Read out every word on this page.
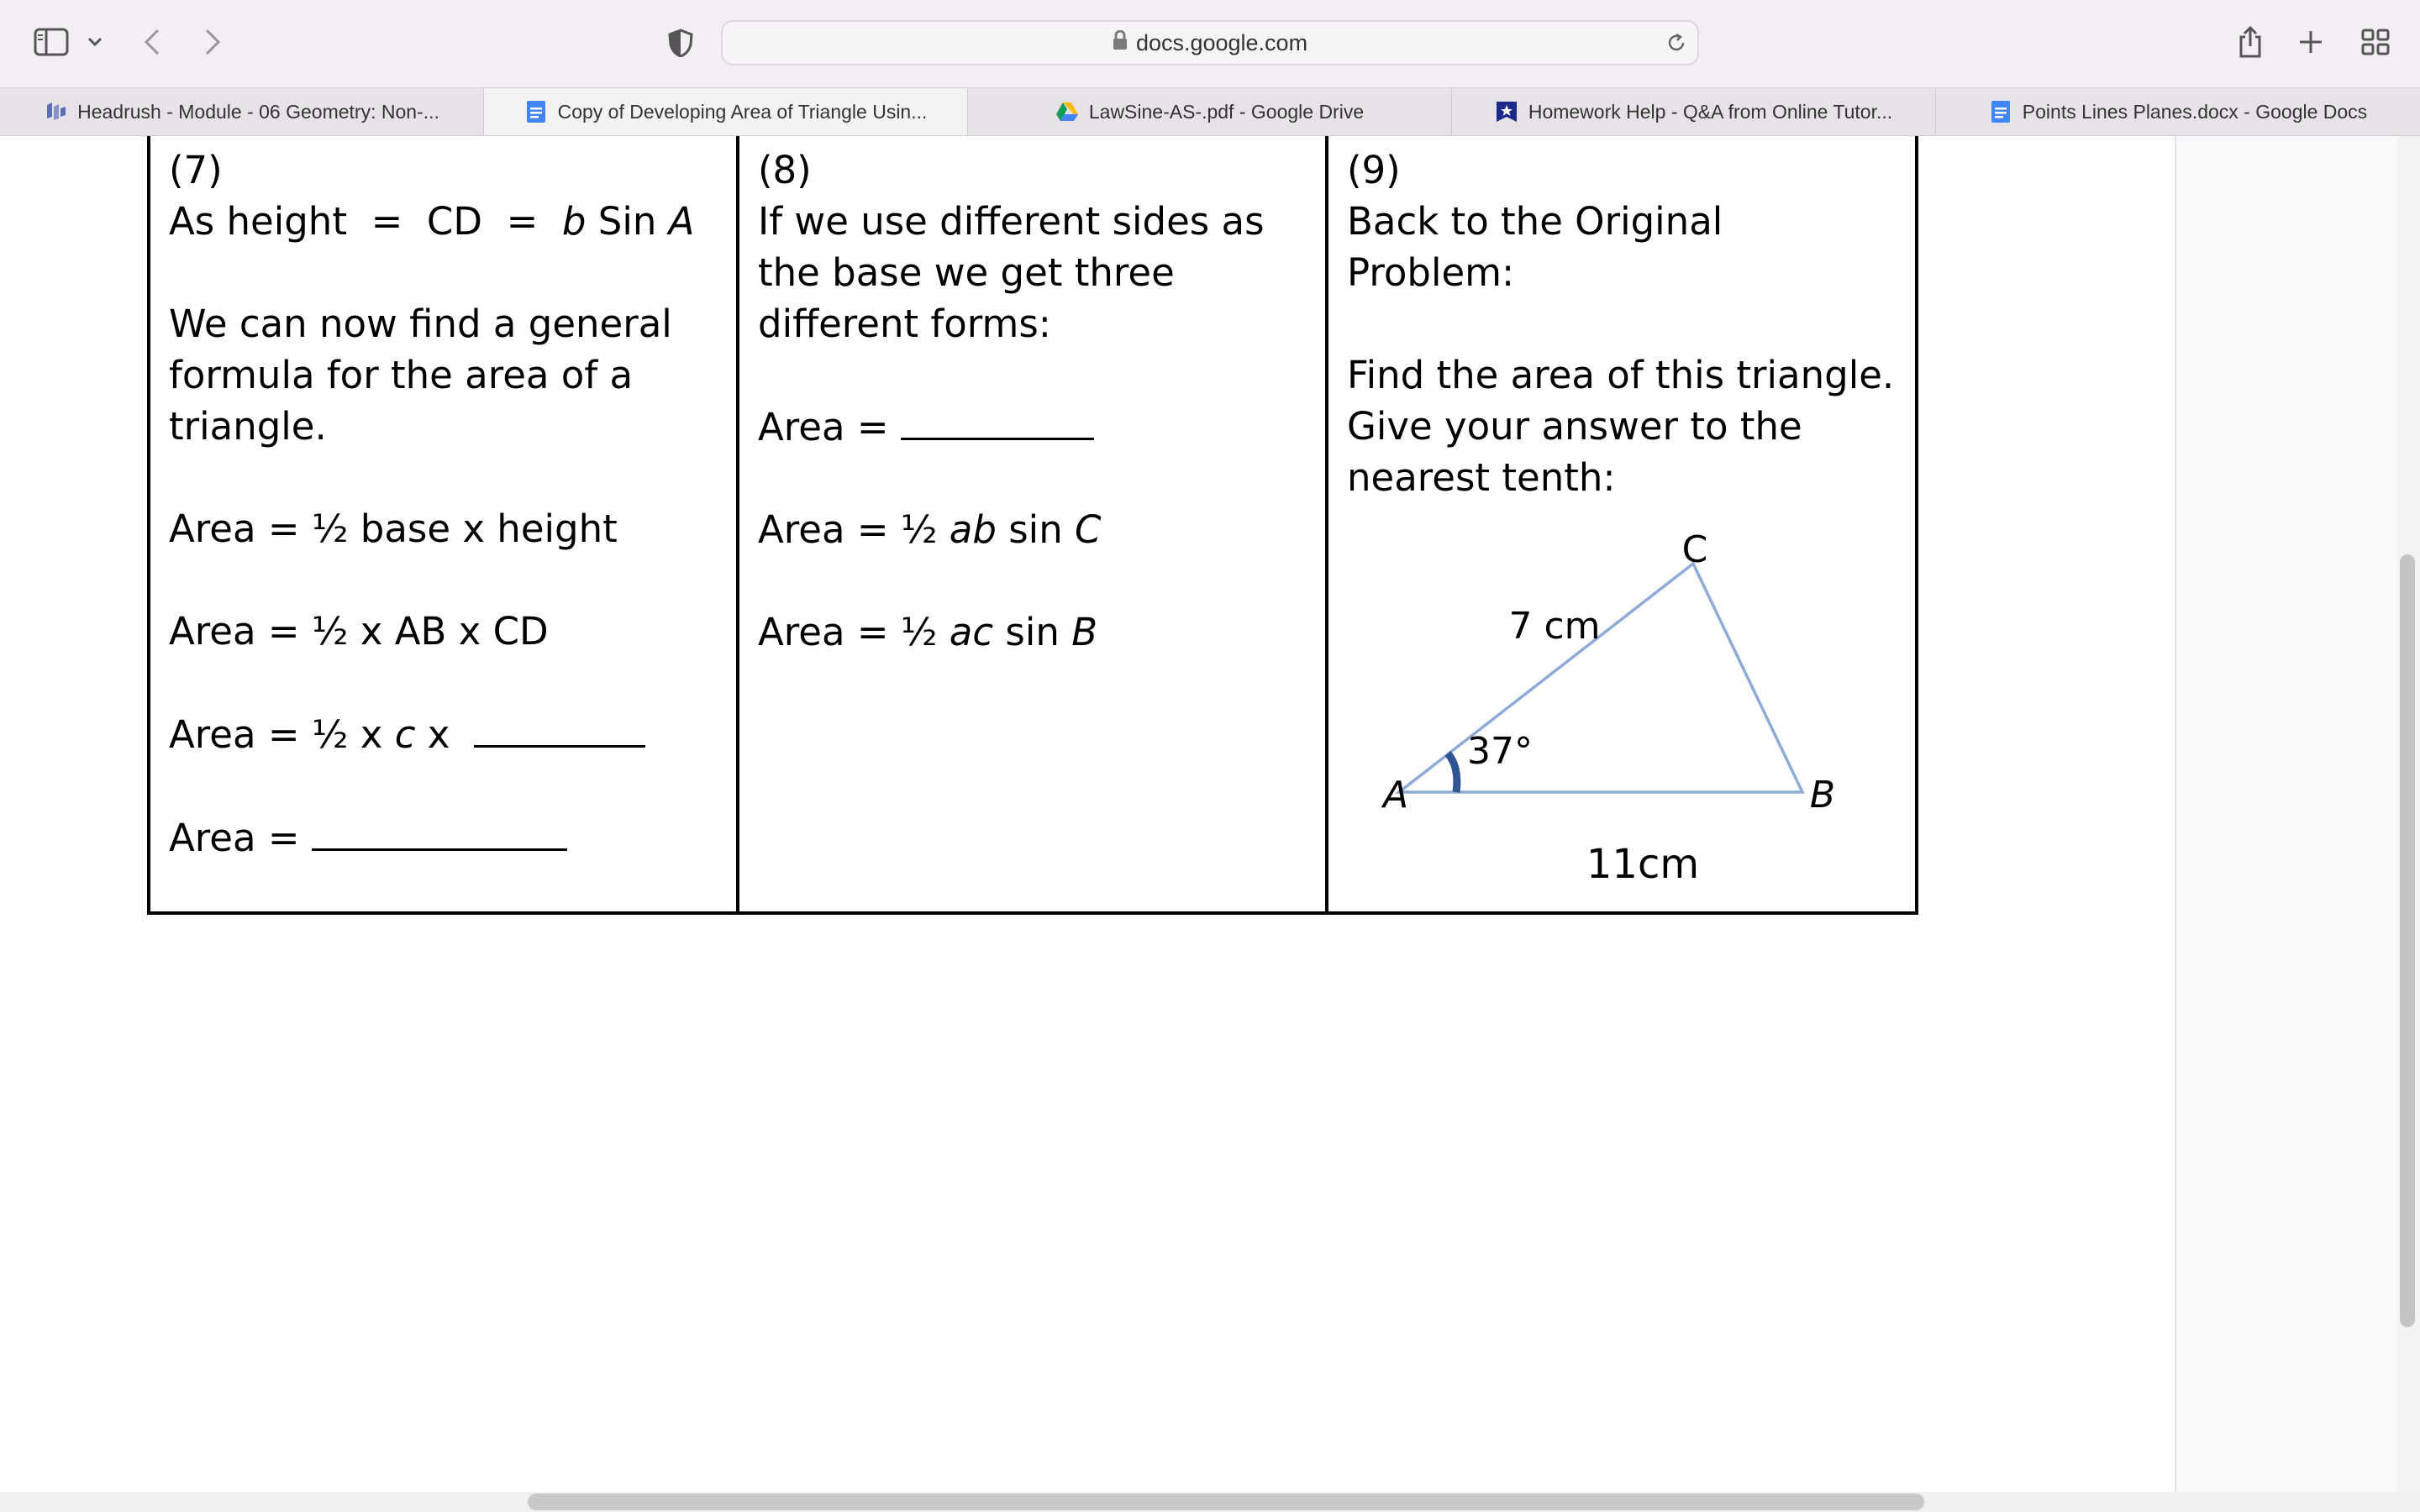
docs.google.com
Headrush - Module - 06 Geometry: Non-...	Copy of Developing Area of Triangle Usin...	LawSine-AS-.pdf - Google Drive	Homework Help - Q&A from Online Tutor...	Points Lines Planes.docx - Google Docs

(7)

As height  =  CD  =  b Sin A

We can now find a general formula for the area of a triangle.

Area = ½ base x height

Area = ½ x AB x CD

Area = ½ x c x

Area =

(8)

If we use different sides as the base we get three different forms:

Area =

Area = ½ ab sin C

Area = ½ ac sin B

(9)

Back to the Original Problem:

Find the area of this triangle. Give your answer to the nearest tenth:

A	B
C
7 cm
37°
11cm
